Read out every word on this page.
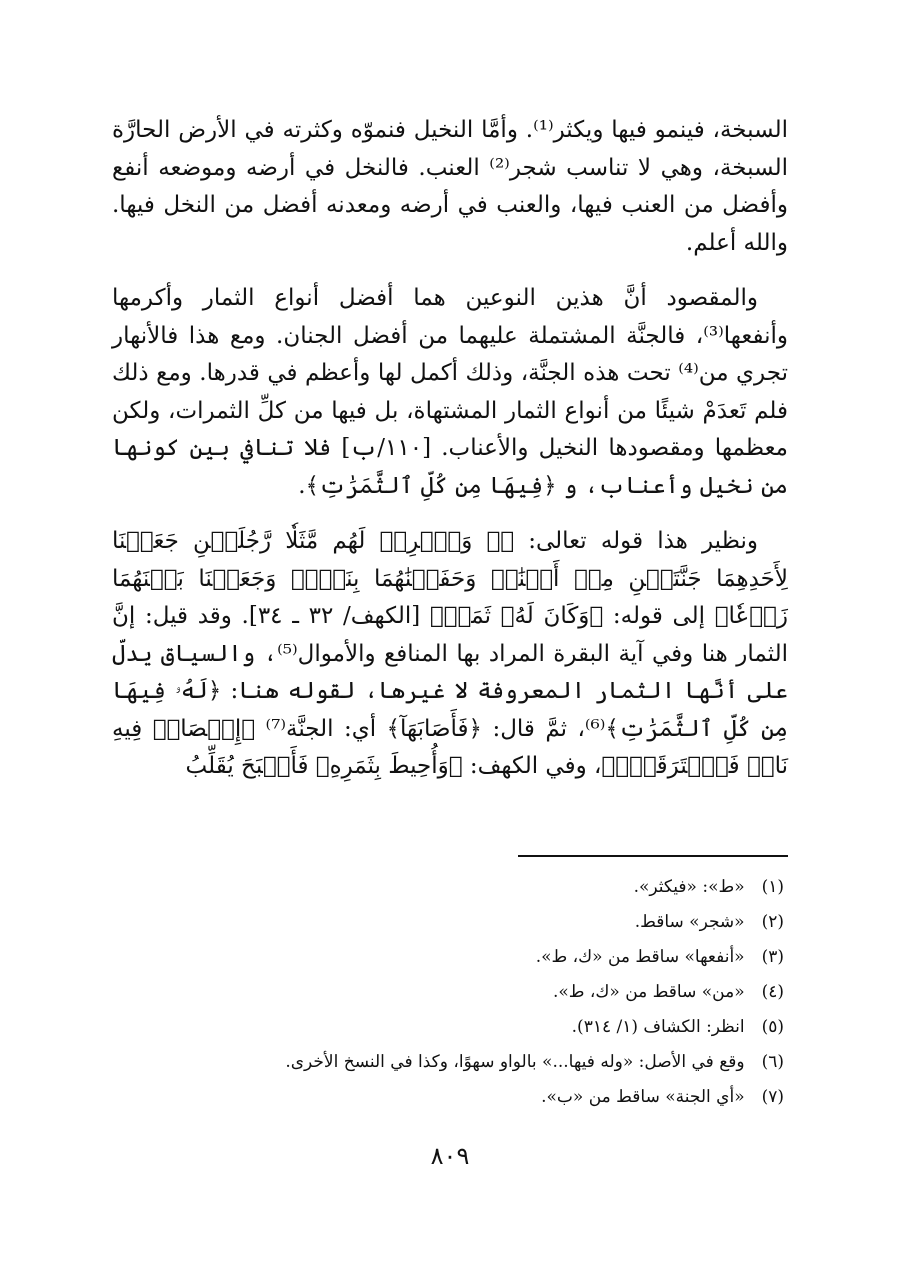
السبخة، فينمو فيها ويكثر⁽¹⁾. وأمَّا النخيل فنموّه وكثرته في الأرض الحارَّة السبخة، وهي لا تناسب شجر⁽²⁾ العنب. فالنخل في أرضه وموضعه أنفع وأفضل من العنب فيها، والعنب في أرضه ومعدنه أفضل من النخل فيها. والله أعلم.

والمقصود أنَّ هذين النوعين هما أفضل أنواع الثمار وأكرمها وأنفعها⁽³⁾، فالجنَّة المشتملة عليهما من أفضل الجنان. ومع هذا فالأنهار تجري من⁽⁴⁾ تحت هذه الجنَّة، وذلك أكمل لها وأعظم في قدرها. ومع ذلك فلم تَعدَمْ شيئًا من أنواع الثمار المشتهاة، بل فيها من كلِّ الثمرات، ولكن معظمها ومقصودها النخيل والأعناب. [١١٠/ب] فلا تنافي بين كونها من نخيل وأعناب، و ﴿فِيهَا مِن كُلِّ ٱلثَّمَرَٰتِ﴾.

ونظير هذا قوله تعالى: ﴿۞ وَٱضۡرِبۡ لَهُم مَّثَلٗا رَّجُلَيۡنِ جَعَلۡنَا لِأَحَدِهِمَا جَنَّتَيۡنِ مِنۡ أَعۡنَٰبٖ وَحَفَفۡنَٰهُمَا بِنَخۡلٖ وَجَعَلۡنَا بَيۡنَهُمَا زَرۡعٗا﴾ إلى قوله: ﴿وَكَانَ لَهُۥ ثَمَرٞ﴾ [الكهف/ ٣٢ ـ ٣٤]. وقد قيل: إنَّ الثمار هنا وفي آية البقرة المراد بها المنافع والأموال⁽⁵⁾، والسياق يدلّ على أنَّها الثمار المعروفة لا غيرها، لقوله هنا: ﴿لَهُۥ فِيهَا مِن كُلِّ ٱلثَّمَرَٰتِ﴾⁽⁶⁾، ثمَّ قال: ﴿فَأَصَابَهَآ﴾ أي: الجنَّة⁽⁷⁾ ﴿إِعۡصَارٞ فِيهِ نَارٞ فَٱحۡتَرَقَتۡۗ﴾، وفي الكهف: ﴿وَأُحِيطَ بِثَمَرِهِۦ فَأَصۡبَحَ يُقَلِّبُ

(١) «ط»: «فيكثر».
(٢) «شجر» ساقط.
(٣) «أنفعها» ساقط من «ك، ط».
(٤) «من» ساقط من «ك، ط».
(٥) انظر: الكشاف (١/ ٣١٤).
(٦) وقع في الأصل: «وله فيها...» بالواو سهوًا، وكذا في النسخ الأخرى.
(٧) «أي الجنة» ساقط من «ب».
٨٠٩
